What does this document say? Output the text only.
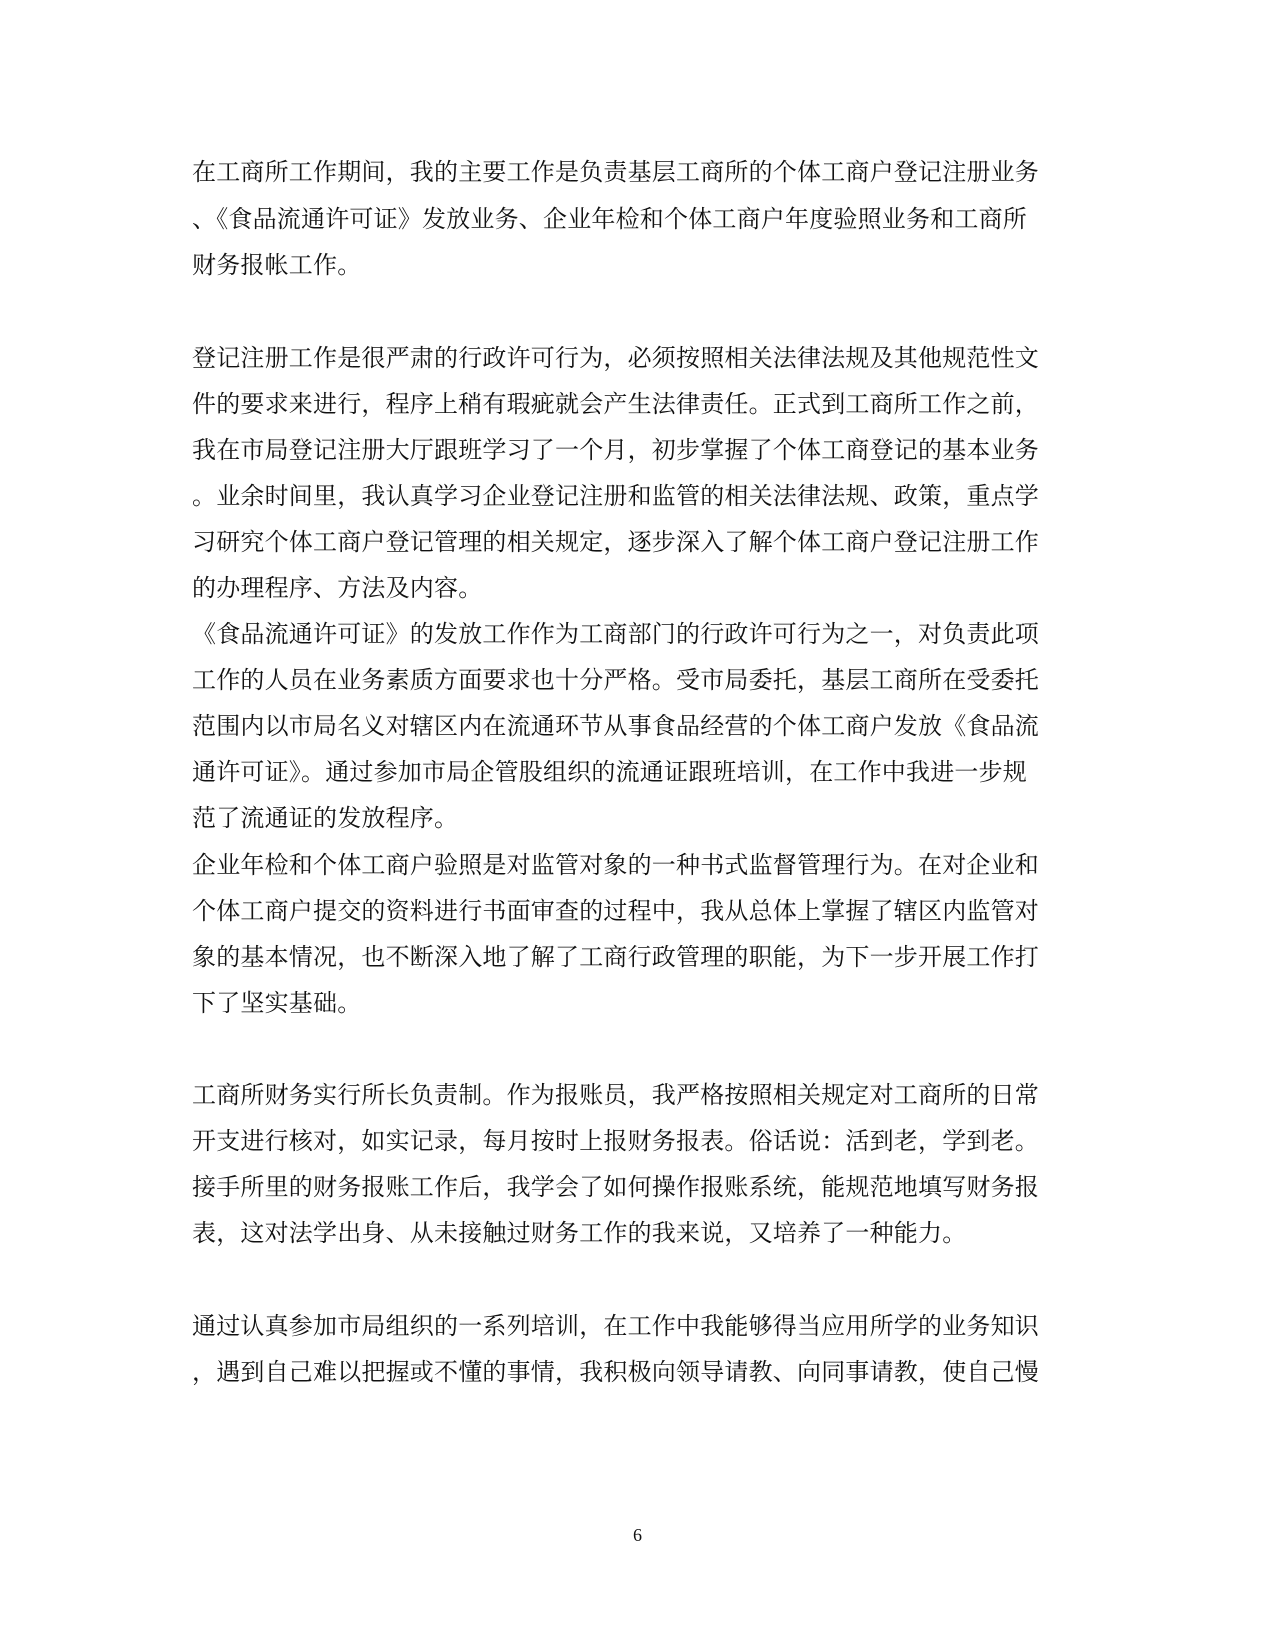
在工商所工作期间，我的主要工作是负责基层工商所的个体工商户登记注册业务
、《食品流通许可证》发放业务、企业年检和个体工商户年度验照业务和工商所
财务报帐工作。
登记注册工作是很严肃的行政许可行为，必须按照相关法律法规及其他规范性文
件的要求来进行，程序上稍有瑕疵就会产生法律责任。正式到工商所工作之前，
我在市局登记注册大厅跟班学习了一个月，初步掌握了个体工商登记的基本业务
。业余时间里，我认真学习企业登记注册和监管的相关法律法规、政策，重点学
习研究个体工商户登记管理的相关规定，逐步深入了解个体工商户登记注册工作
的办理程序、方法及内容。
《食品流通许可证》的发放工作作为工商部门的行政许可行为之一，对负责此项
工作的人员在业务素质方面要求也十分严格。受市局委托，基层工商所在受委托
范围内以市局名义对辖区内在流通环节从事食品经营的个体工商户发放《食品流
通许可证》。通过参加市局企管股组织的流通证跟班培训，在工作中我进一步规
范了流通证的发放程序。
企业年检和个体工商户验照是对监管对象的一种书式监督管理行为。在对企业和
个体工商户提交的资料进行书面审查的过程中，我从总体上掌握了辖区内监管对
象的基本情况，也不断深入地了解了工商行政管理的职能，为下一步开展工作打
下了坚实基础。
工商所财务实行所长负责制。作为报账员，我严格按照相关规定对工商所的日常
开支进行核对，如实记录，每月按时上报财务报表。俗话说：活到老，学到老。
接手所里的财务报账工作后，我学会了如何操作报账系统，能规范地填写财务报
表，这对法学出身、从未接触过财务工作的我来说，又培养了一种能力。
通过认真参加市局组织的一系列培训，在工作中我能够得当应用所学的业务知识
，遇到自己难以把握或不懂的事情，我积极向领导请教、向同事请教，使自己慢
6
